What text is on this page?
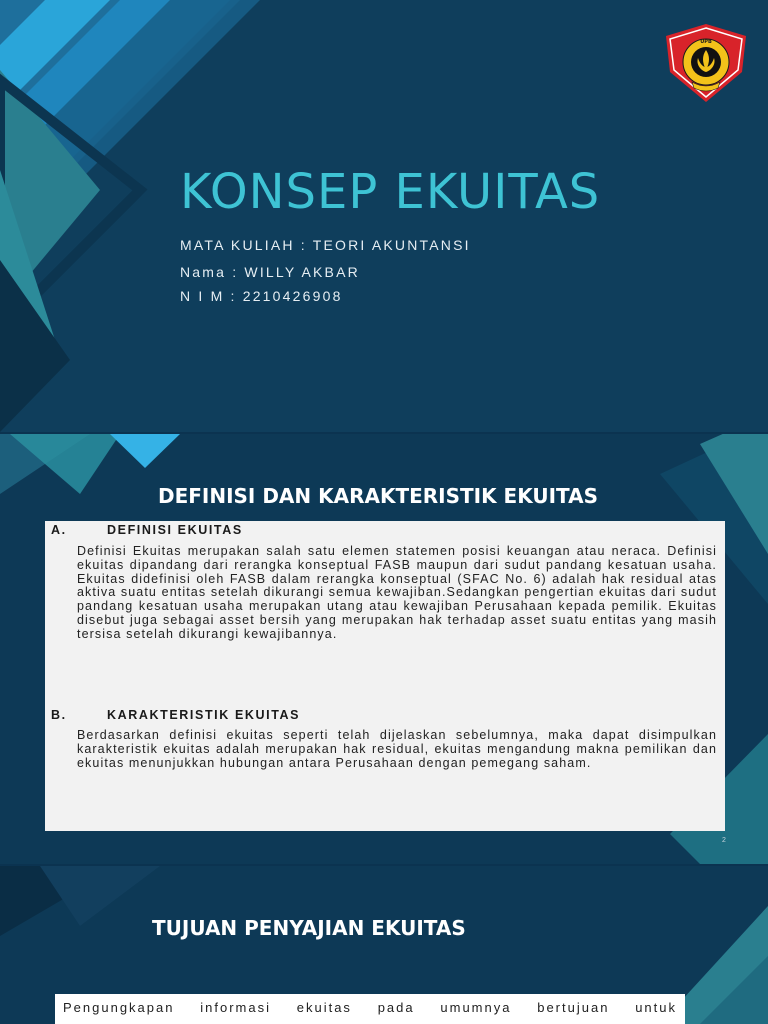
KONSEP EKUITAS
MATA KULIAH : TEORI AKUNTANSI
Nama : WILLY AKBAR
N I M : 2210426908
UPB
DEFINISI DAN KARAKTERISTIK EKUITAS
A.	DEFINISI EKUITAS

Definisi Ekuitas merupakan salah satu elemen statemen posisi keuangan atau neraca. Definisi ekuitas dipandang dari rerangka konseptual FASB maupun dari sudut pandang kesatuan usaha. Ekuitas didefinisi oleh FASB dalam rerangka konseptual (SFAC No. 6) adalah hak residual atas aktiva suatu entitas setelah dikurangi semua kewajiban.Sedangkan pengertian ekuitas dari sudut pandang kesatuan usaha merupakan utang atau kewajiban Perusahaan kepada pemilik. Ekuitas disebut juga sebagai asset bersih yang merupakan hak terhadap asset suatu entitas yang masih tersisa setelah dikurangi kewajibannya.

B.	KARAKTERISTIK EKUITAS

Berdasarkan definisi ekuitas seperti telah dijelaskan sebelumnya, maka dapat disimpulkan karakteristik ekuitas adalah merupakan hak residual, ekuitas mengandung makna pemilikan dan ekuitas menunjukkan hubungan antara Perusahaan dengan pemegang saham.

2
TUJUAN PENYAJIAN EKUITAS

Pengungkapan informasi ekuitas pada umumnya bertujuan untuk
